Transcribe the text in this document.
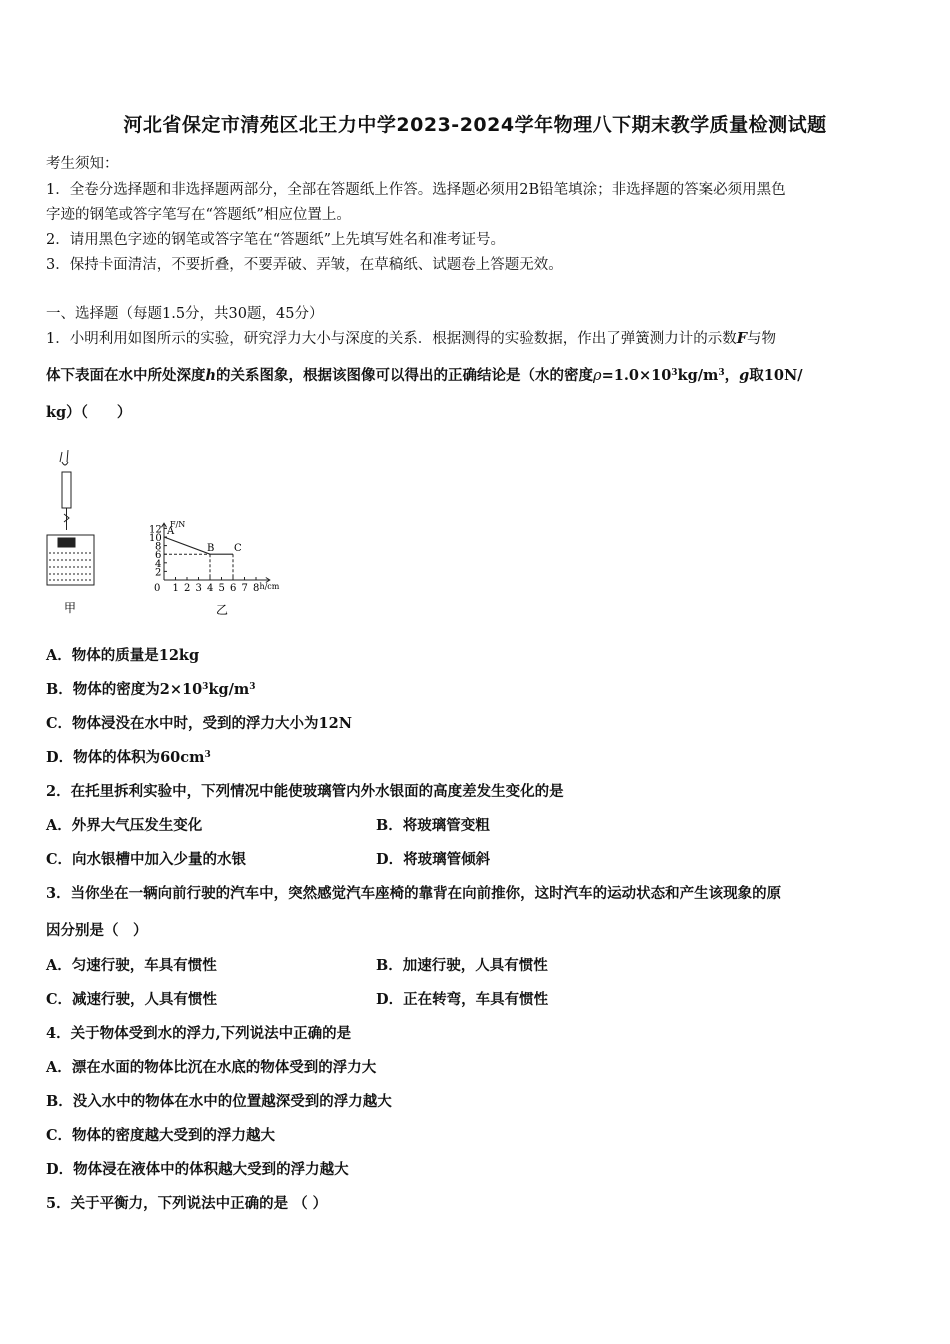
河北省保定市清苑区北王力中学2023-2024学年物理八下期末教学质量检测试题
考生须知：
1．全卷分选择题和非选择题两部分，全部在答题纸上作答。选择题必须用2B铅笔填涂；非选择题的答案必须用黑色
字迹的钢笔或答字笔写在“答题纸”相应位置上。
2．请用黑色字迹的钢笔或答字笔在“答题纸”上先填写姓名和准考证号。
3．保持卡面清洁，不要折叠，不要弄破、弄皱，在草稿纸、试题卷上答题无效。
一、选择题（每题1.5分，共30题，45分）
1．小明利用如图所示的实验，研究浮力大小与深度的关系．根据测得的实验数据，作出了弹簧测力计的示数F与物
体下表面在水中所处深度h的关系图象，根据该图像可以得出的正确结论是（水的密度$\rho=1.0\times 10^3kg/m^3$，g取10N/
kg）（　　）
甲	乙
F/N
h/cm
0 1 2 3 4 5 6 7 8
2
4
6
8
10
12 A
B C
A．物体的质量是12kg
B．物体的密度为$2\times 10^3kg/m^3$
C．物体浸没在水中时，受到的浮力大小为12N
D．物体的体积为$60cm^3$
2．在托里拆利实验中，下列情况中能使玻璃管内外水银面的高度差发生变化的是
A．外界大气压发生变化	B．将玻璃管变粗
C．向水银槽中加入少量的水银	D．将玻璃管倾斜
3．当你坐在一辆向前行驶的汽车中，突然感觉汽车座椅的靠背在向前推你，这时汽车的运动状态和产生该现象的原
因分别是（　）
A．匀速行驶，车具有惯性	B．加速行驶，人具有惯性
C．减速行驶，人具有惯性	D．正在转弯，车具有惯性
4．关于物体受到水的浮力,下列说法中正确的是
A．漂在水面的物体比沉在水底的物体受到的浮力大
B．没入水中的物体在水中的位置越深受到的浮力越大
C．物体的密度越大受到的浮力越大
D．物体浸在液体中的体积越大受到的浮力越大
5．关于平衡力，下列说法中正确的是 （ ）
